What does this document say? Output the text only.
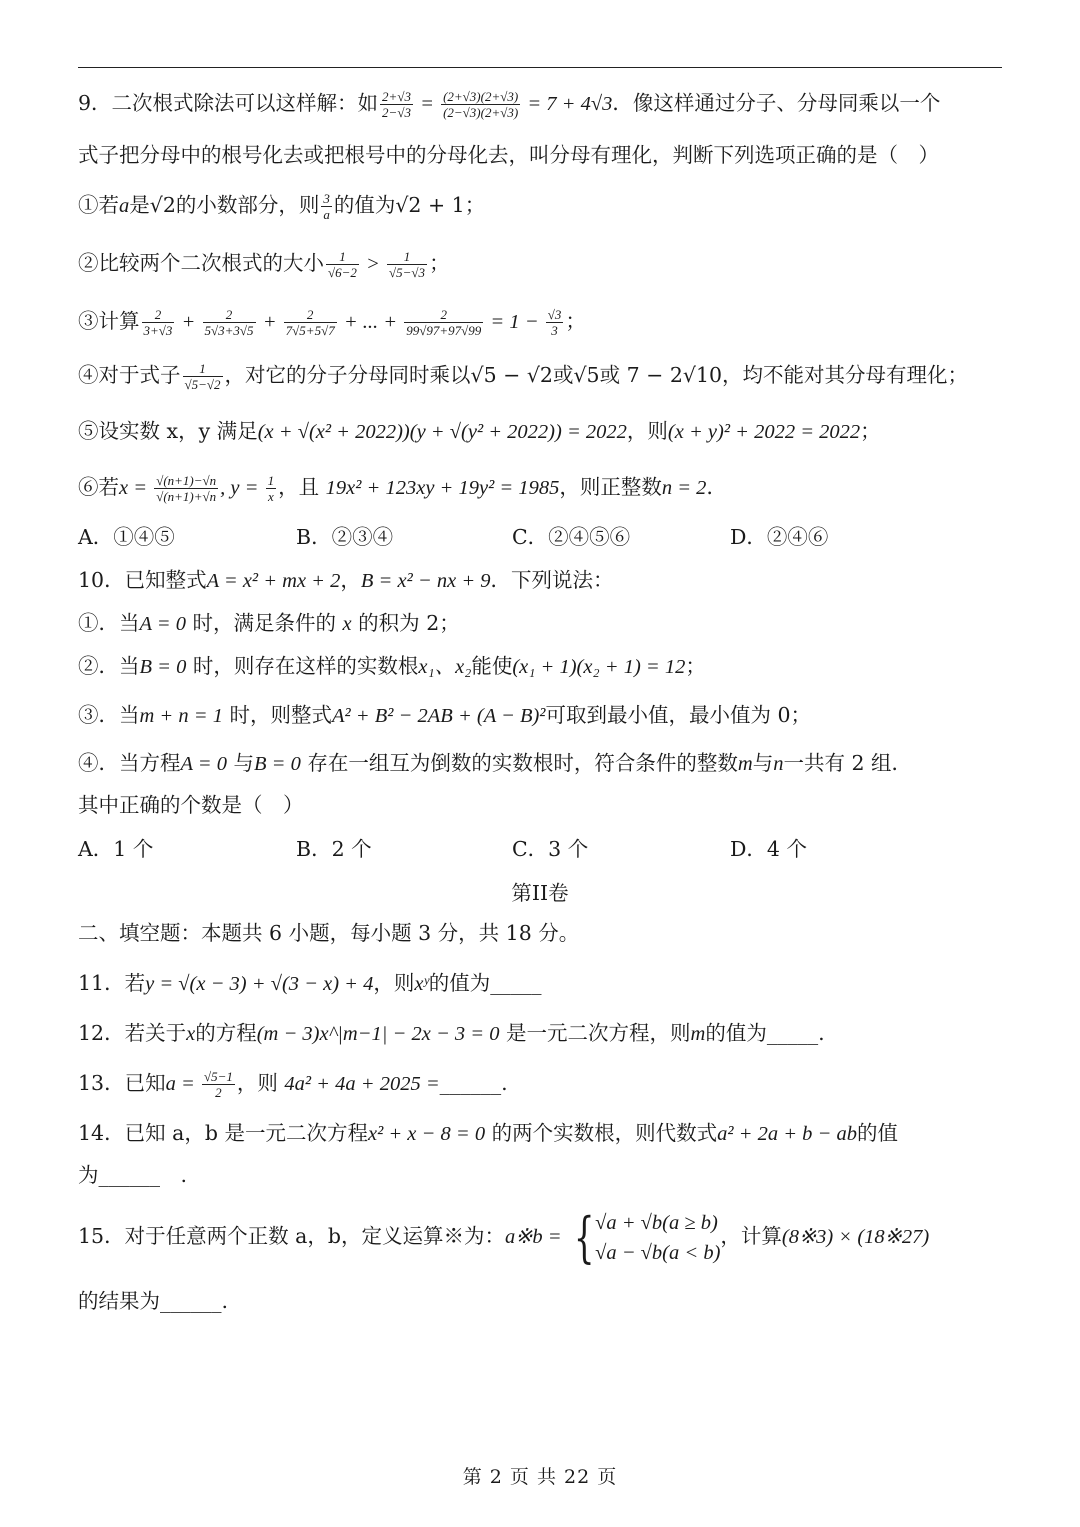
9．二次根式除法可以这样解：如 $\frac{2+√3}{2-√3} = \frac{(2+√3)(2+√3)}{(2-√3)(2+√3)} = 7 + 4√3$．像这样通过分子、分母同乘以一个
式子把分母中的根号化去或把根号中的分母化去，叫分母有理化，判断下列选项正确的是（　）
①若a是√2的小数部分，则 $\frac{3}{a}$ 的值为√2 + 1；
②比较两个二次根式的大小 $\frac{1}{√6-2} > \frac{1}{√5-√3}$ ；
③计算 $\frac{2}{3+√3} + \frac{2}{5√3+3√5} + \frac{2}{7√5+5√7}$ + ... + $\frac{2}{99√97+97√99} = 1 - \frac{√3}{3}$ ；
④对于式子 $\frac{1}{√5-√2}$ ，对它的分子分母同时乘以√5 − √2或√5或 7 − 2√10，均不能对其分母有理化；
⑤设实数 x，y 满足(x + √(x² + 2022))(y + √(y² + 2022)) = 2022，则(x + y)² + 2022 = 2022；
⑥若$x = \frac{√(n+1)-√n}{√(n+1)+√n}$ , $y = \frac{1}{x}$ ，且 19x² + 123xy + 19y² = 1985，则正整数n = 2．
A．①④⑤	B．②③④	C．②④⑤⑥	D．②④⑥
10．已知整式A = x² + mx + 2，B = x² − nx + 9．下列说法：
①．当A = 0 时，满足条件的 x 的积为 2；
②．当B = 0 时，则存在这样的实数根x₁、x₂能使(x₁ + 1)(x₂ + 1) = 12；
③．当m + n = 1 时，则整式A² + B² − 2AB + (A − B)²可取到最小值，最小值为 0；
④．当方程A = 0 与B = 0 存在一组互为倒数的实数根时，符合条件的整数m与n一共有 2 组．
其中正确的个数是（　）
A．1 个	B．2 个	C．3 个	D．4 个
第II卷
二、填空题：本题共 6 小题，每小题 3 分，共 18 分。
11．若y = √(x − 3) + √(3 − x) + 4，则xʸ的值为_____
12．若关于x的方程(m − 3)x^|m−1| − 2x − 3 = 0 是一元二次方程，则m的值为_____.
13．已知$a = \frac{√5-1}{2}$ ，则 4a² + 4a + 2025 =______.
14．已知 a，b 是一元二次方程x² + x − 8 = 0 的两个实数根，则代数式a² + 2a + b − ab的值
为______　.
15．对于任意两个正数 a，b，定义运算※为：a※b = { √a + √b(a ≥ b)
√a − √b(a < b)
，计算(8※3) × (18※27)
的结果为______.
第 2 页 共 22 页
